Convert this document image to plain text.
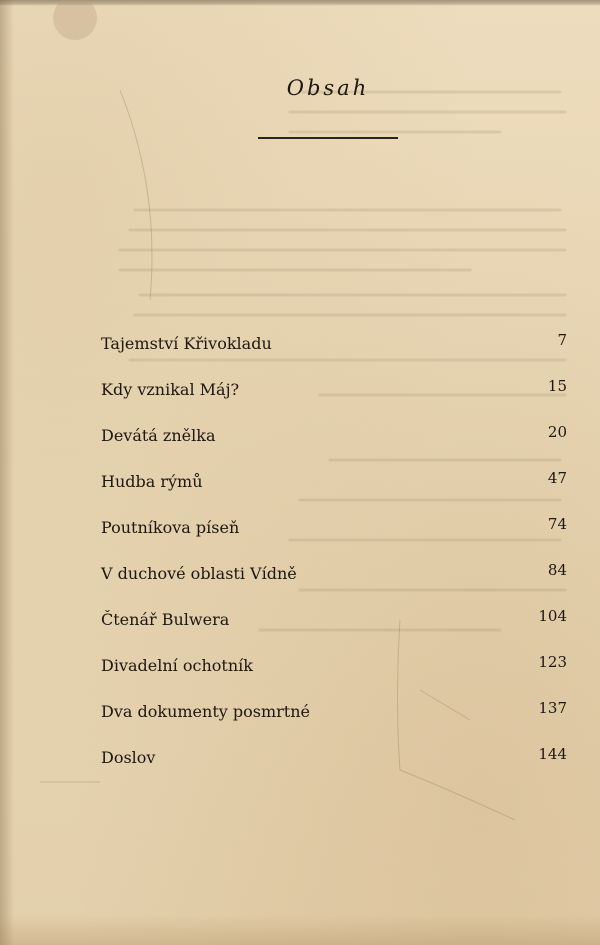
Obsah
Tajemství Křivokladu	7
Kdy vznikal Máj?	15
Devátá znělka	20
Hudba rýmů	47
Poutníkova píseň	74
V duchové oblasti Vídně	84
Čtenář Bulwera	104
Divadelní ochotník	123
Dva dokumenty posmrtné	137
Doslov	144
